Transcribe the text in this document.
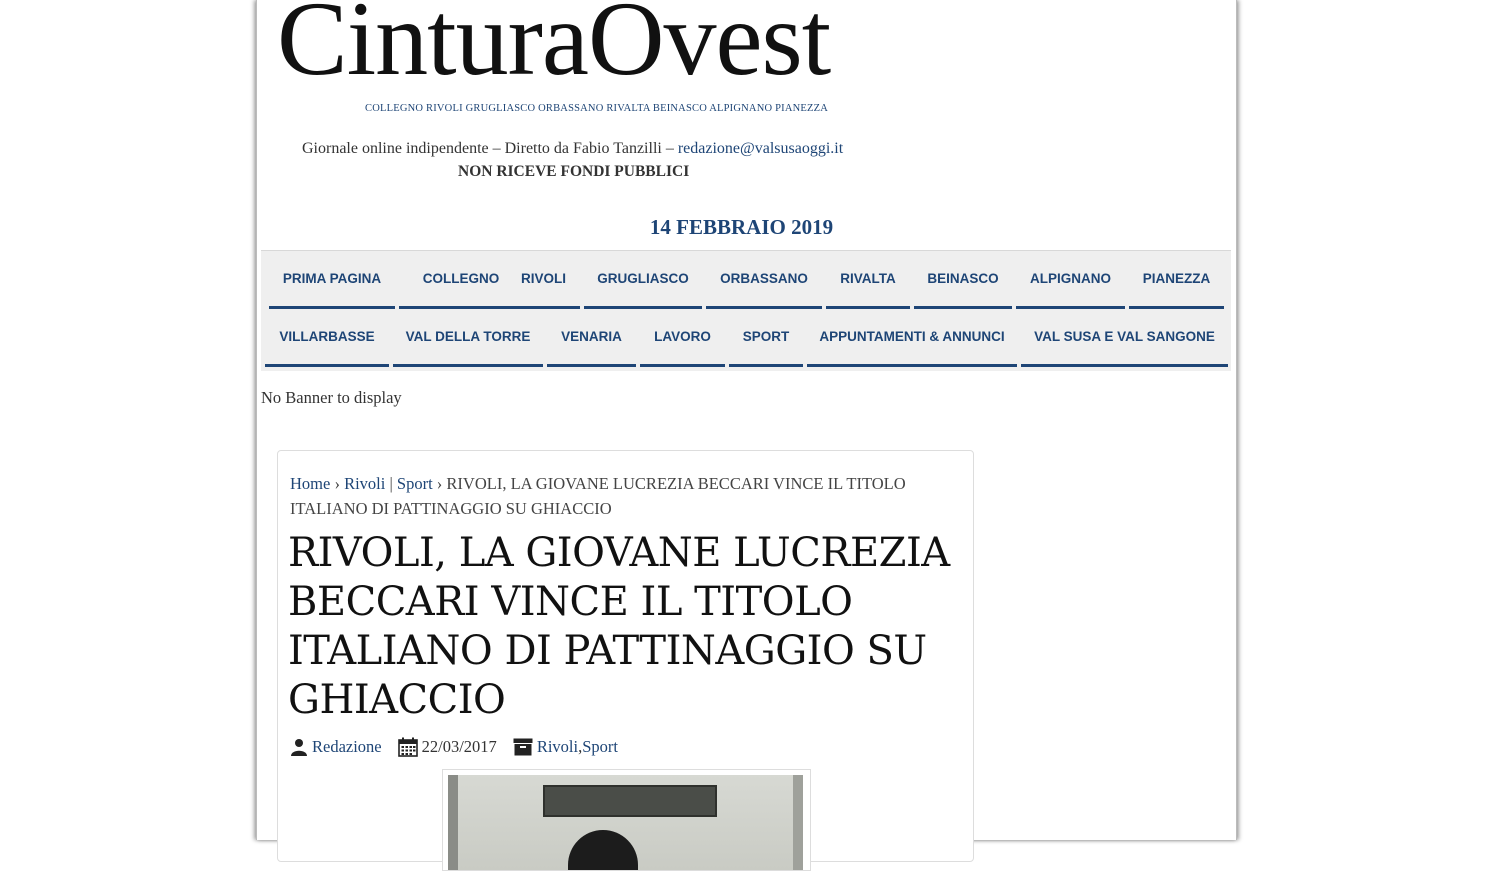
CinturaOvest
COLLEGNO RIVOLI GRUGLIASCO ORBASSANO RIVALTA BEINASCO ALPIGNANO PIANEZZA
Giornale online indipendente – Diretto da Fabio Tanzilli – redazione@valsusaoggi.it
NON RICEVE FONDI PUBBLICI
14 FEBBRAIO 2019
PRIMA PAGINA	COLLEGNO	RIVOLI	GRUGLIASCO	ORBASSANO	RIVALTA	BEINASCO	ALPIGNANO	PIANEZZA
VILLARBASSE	VAL DELLA TORRE	VENARIA	LAVORO	SPORT	APPUNTAMENTI & ANNUNCI	VAL SUSA E VAL SANGONE
No Banner to display
Home › Rivoli | Sport › RIVOLI, LA GIOVANE LUCREZIA BECCARI VINCE IL TITOLO ITALIANO DI PATTINAGGIO SU GHIACCIO
RIVOLI, LA GIOVANE LUCREZIA BECCARI VINCE IL TITOLO ITALIANO DI PATTINAGGIO SU GHIACCIO
Redazione 22/03/2017 Rivoli , Sport
